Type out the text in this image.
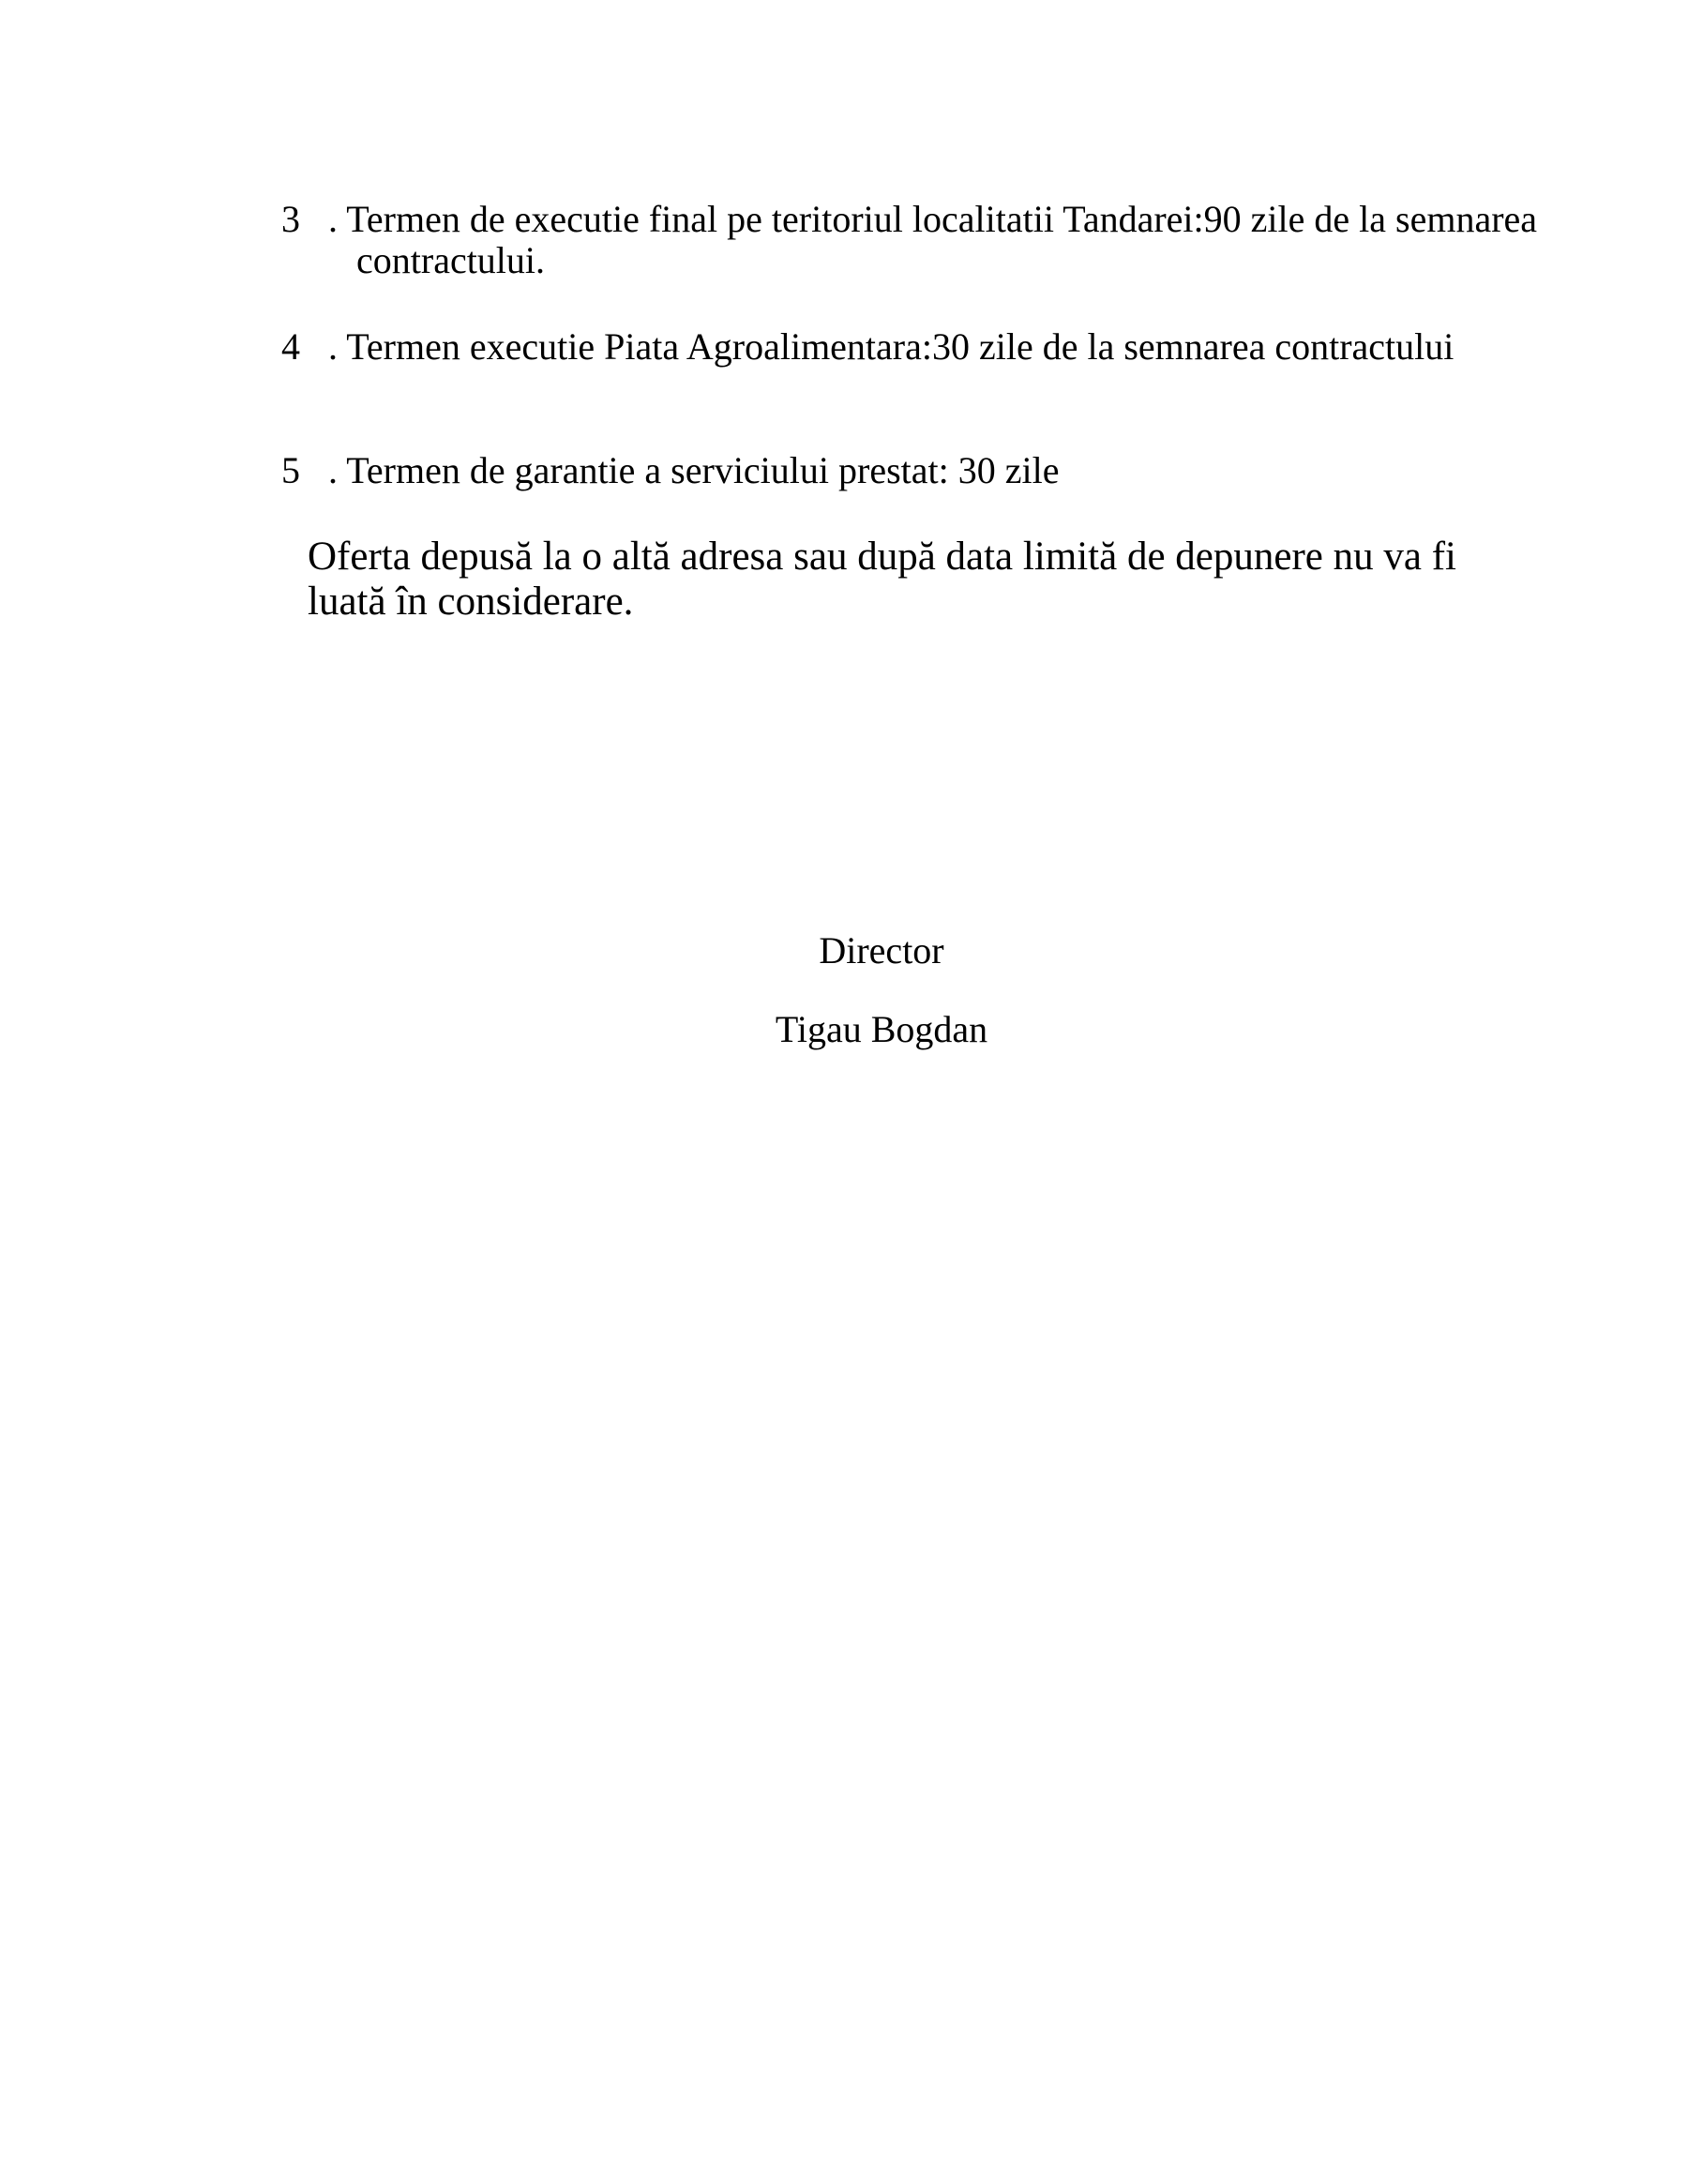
3 . Termen de executie final pe teritoriul localitatii Tandarei:90 zile de la semnarea contractului.
4 . Termen executie Piata Agroalimentara:30 zile de la semnarea contractului
5 . Termen de garantie a serviciului prestat: 30 zile
Oferta depusă la o altă adresa sau după data limită de depunere nu va fi luată în considerare.
Director
Tigau Bogdan
